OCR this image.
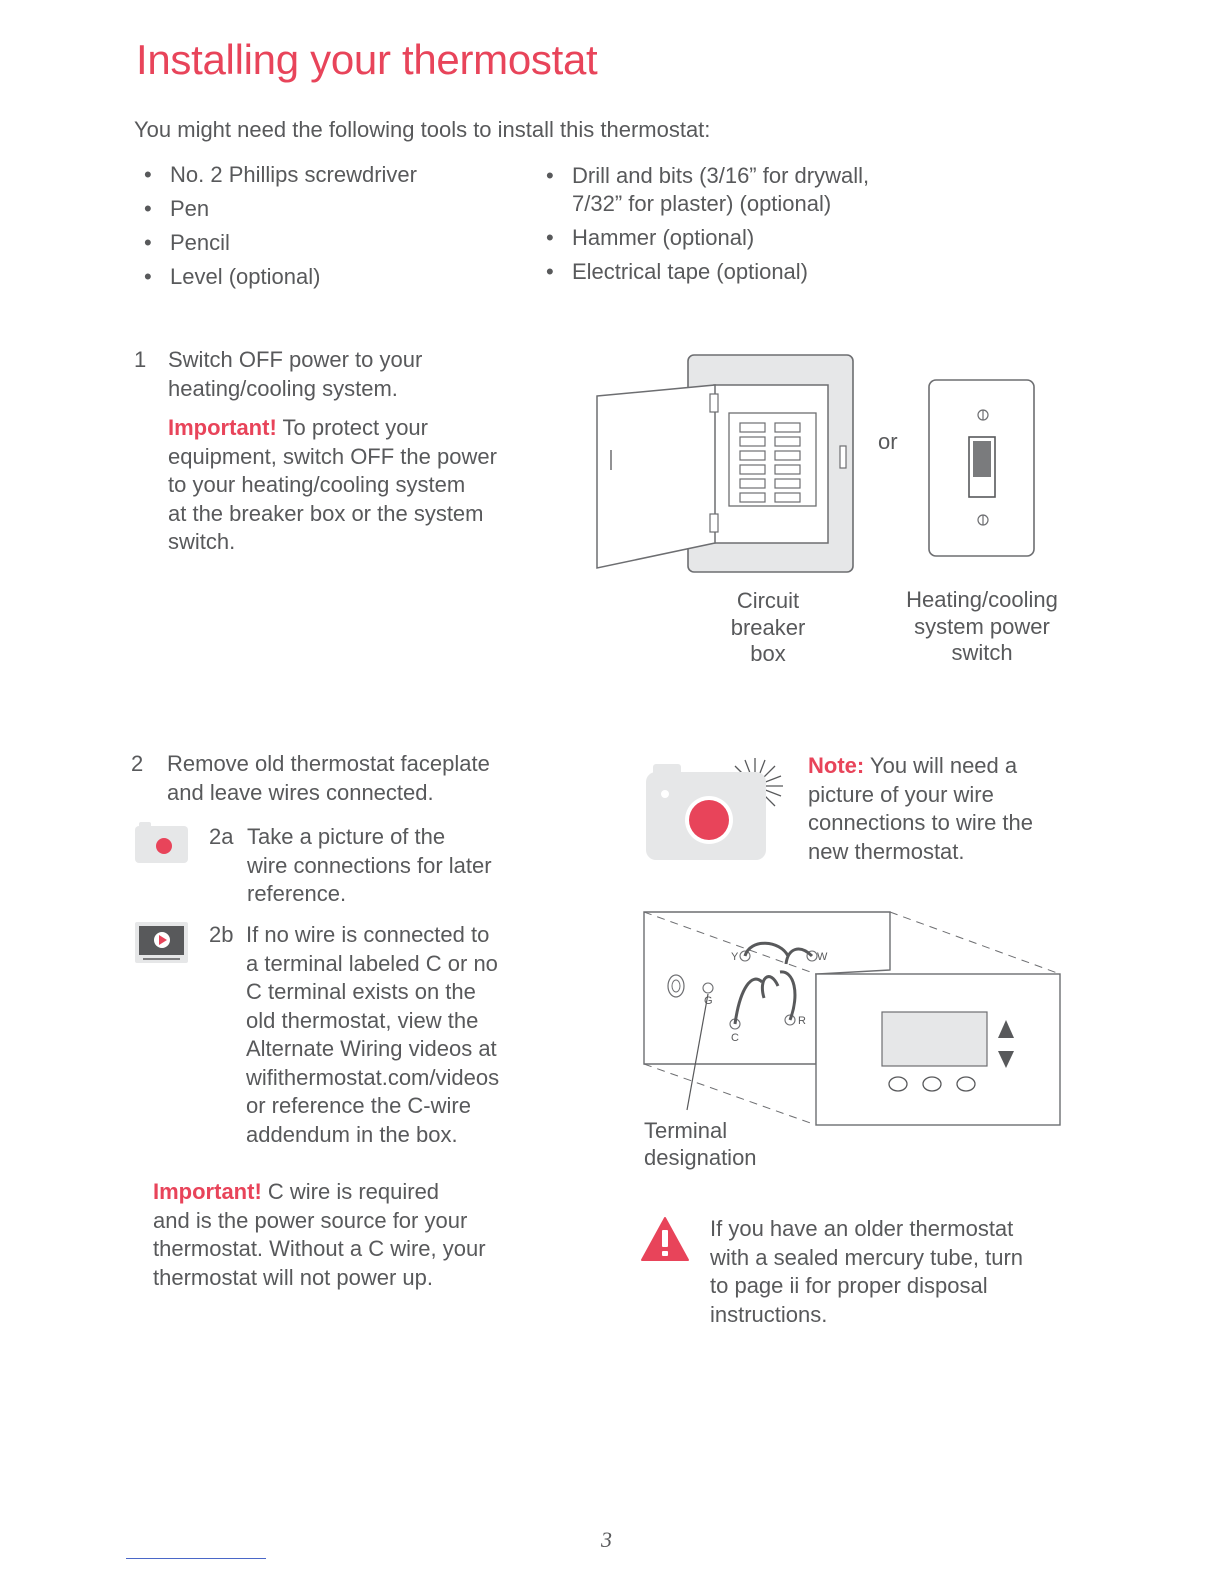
Installing your thermostat
You might need the following tools to install this thermostat:
• No. 2 Phillips screwdriver
• Pen
• Pencil
• Level (optional)
• Drill and bits (3/16” for drywall,
7/32” for plaster) (optional)
• Hammer (optional)
• Electrical tape (optional)
1 Switch OFF power to your
heating/cooling system.
Important! To protect your
equipment, switch OFF the power
to your heating/cooling system
at the breaker box or the system
switch.
or
Circuit
breaker
box
Heating/cooling
system power
switch
2 Remove old thermostat faceplate
and leave wires connected.
2a Take a picture of the
wire connections for later
reference.
2b If no wire is connected to
a terminal labeled C or no
C terminal exists on the
old thermostat, view the
Alternate Wiring videos at
wifithermostat.com/videos
or reference the C-wire
addendum in the box.
Important! C wire is required
and is the power source for your
thermostat. Without a C wire, your
thermostat will not power up.
Note: You will need a
picture of your wire
connections to wire the
new thermostat.
Y	W
G
R
C
Terminal
designation
If you have an older thermostat
with a sealed mercury tube, turn
to page ii for proper disposal
instructions.
3
